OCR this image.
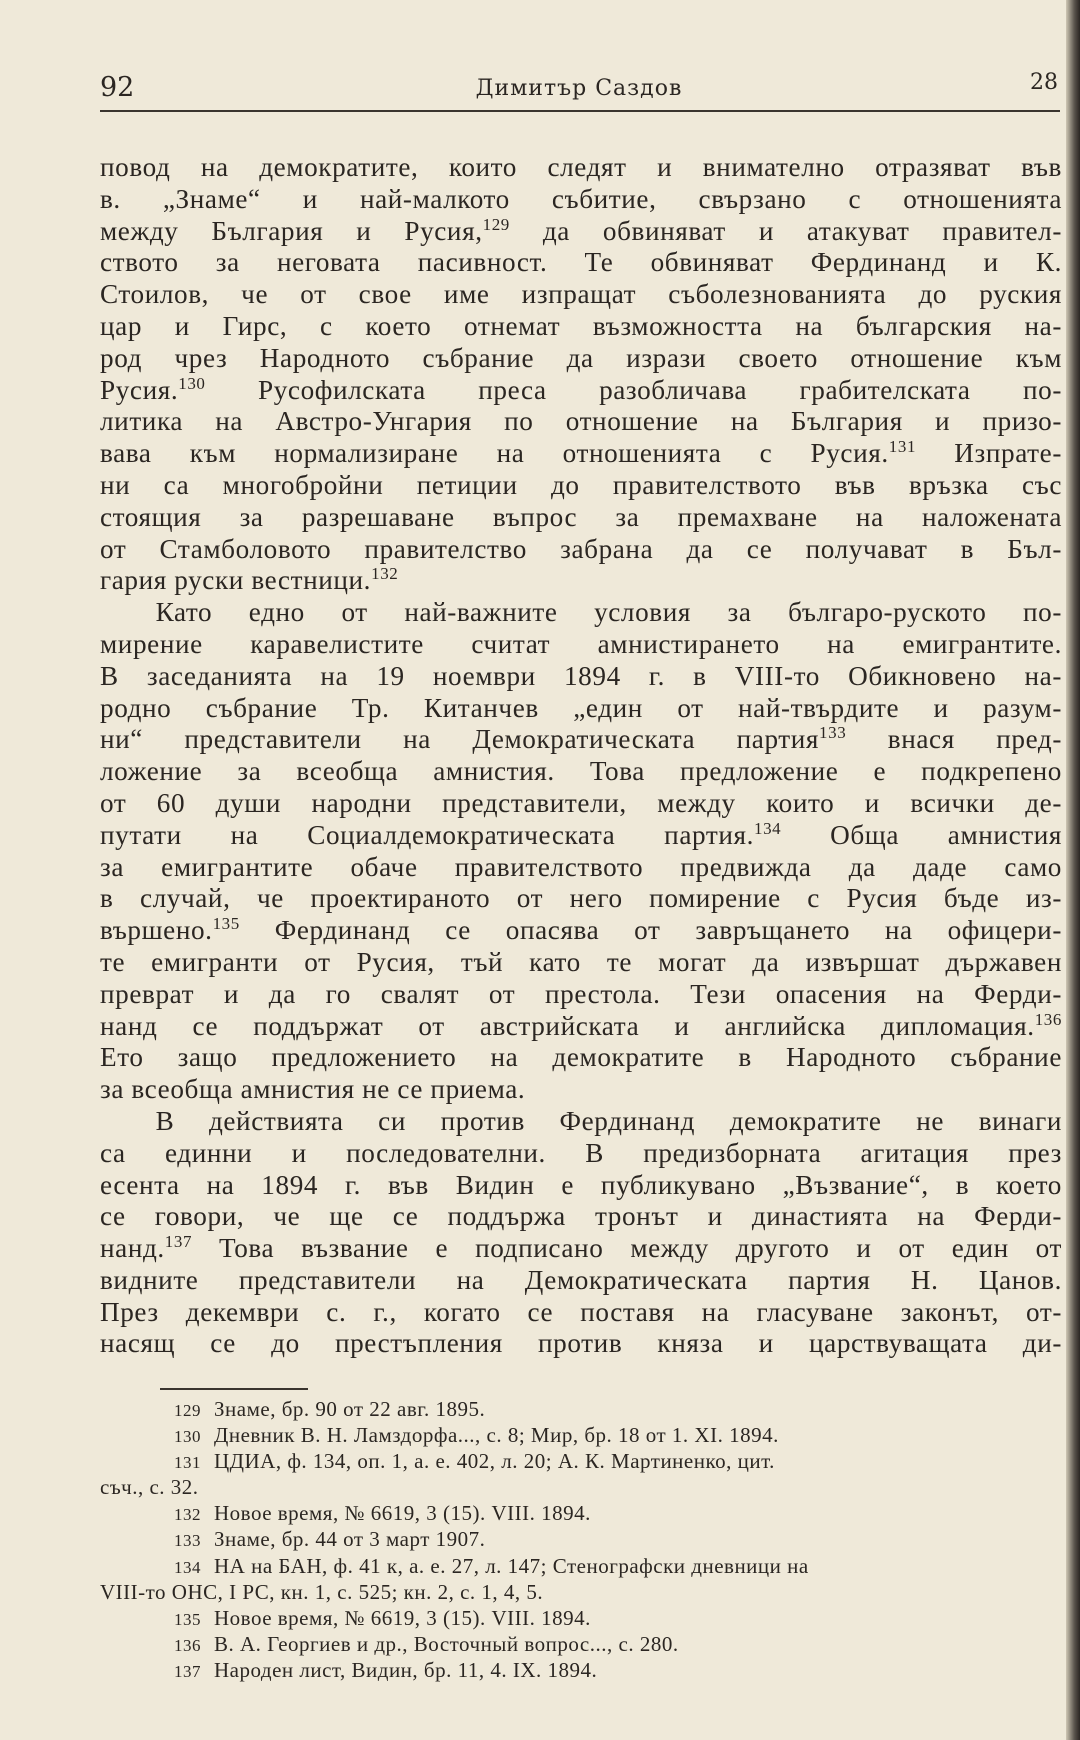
92	Димитър Саздов	28
повод на демократите, които следят и внимателно отразяват във
в. „Знаме“ и най-малкото събитие, свързано с отношенията
между България и Русия,$^{129}$ да обвиняват и атакуват правител-
ството за неговата пасивност. Те обвиняват Фердинанд и К.
Стоилов, че от свое име изпращат съболезнованията до руския
цар и Гирс, с което отнемат възможността на българския на-
род чрез Народното събрание да изрази своето отношение към
Русия.$^{130}$ Русофилската преса разобличава грабителската по-
литика на Австро-Унгария по отношение на България и призо-
вава към нормализиране на отношенията с Русия.$^{131}$ Изпрате-
ни са многобройни петиции до правителството във връзка със
стоящия за разрешаване въпрос за премахване на наложената
от Стамболовото правителство забрана да се получават в Бъл-
гария руски вестници.$^{132}$
  Като едно от най-важните условия за българо-руското по-
мирение каравелистите считат амнистирането на емигрантите.
В заседанията на 19 ноември 1894 г. в VIII-то Обикновено на-
родно събрание Тр. Китанчев „един от най-твърдите и разум-
ни“ представители на Демократическата партия$^{133}$ внася пред-
ложение за всеобща амнистия. Това предложение е подкрепено
от 60 души народни представители, между които и всички де-
путати на Социалдемократическата партия.$^{134}$ Обща амнистия
за емигрантите обаче правителството предвижда да даде само
в случай, че проектираното от него помирение с Русия бъде из-
вършено.$^{135}$ Фердинанд се опасява от завръщането на офицери-
те емигранти от Русия, тъй като те могат да извършат държавен
преврат и да го свалят от престола. Тези опасения на Ферди-
нанд се поддържат от австрийската и английска дипломация.$^{136}$
Ето защо предложението на демократите в Народното събрание
за всеобща амнистия не се приема.
  В действията си против Фердинанд демократите не винаги
са единни и последователни. В предизборната агитация през
есента на 1894 г. във Видин е публикувано „Възвание“, в което
се говори, че ще се поддържа тронът и династията на Ферди-
нанд.$^{137}$ Това възвание е подписано между другото и от един от
видните представители на Демократическата партия Н. Цанов.
През декември с. г., когато се поставя на гласуване законът, от-
насящ се до престъпления против княза и царствуващата ди-
129 Знаме, бр. 90 от 22 авг. 1895.
130 Дневник В. Н. Ламздорфа..., с. 8; Мир, бр. 18 от 1. XI. 1894.
131 ЦДИА, ф. 134, оп. 1, а. е. 402, л. 20; А. К. Мартиненко, цит.
съч., с. 32.
132 Новое время, № 6619, 3 (15). VIII. 1894.
133 Знаме, бр. 44 от 3 март 1907.
134 НА на БАН, ф. 41 к, а. е. 27, л. 147; Стенографски дневници на
VIII-то ОНС, I РС, кн. 1, с. 525; кн. 2, с. 1, 4, 5.
135 Новое время, № 6619, 3 (15). VIII. 1894.
136 В. А. Георгиев и др., Восточный вопрос..., с. 280.
137 Народен лист, Видин, бр. 11, 4. IX. 1894.
